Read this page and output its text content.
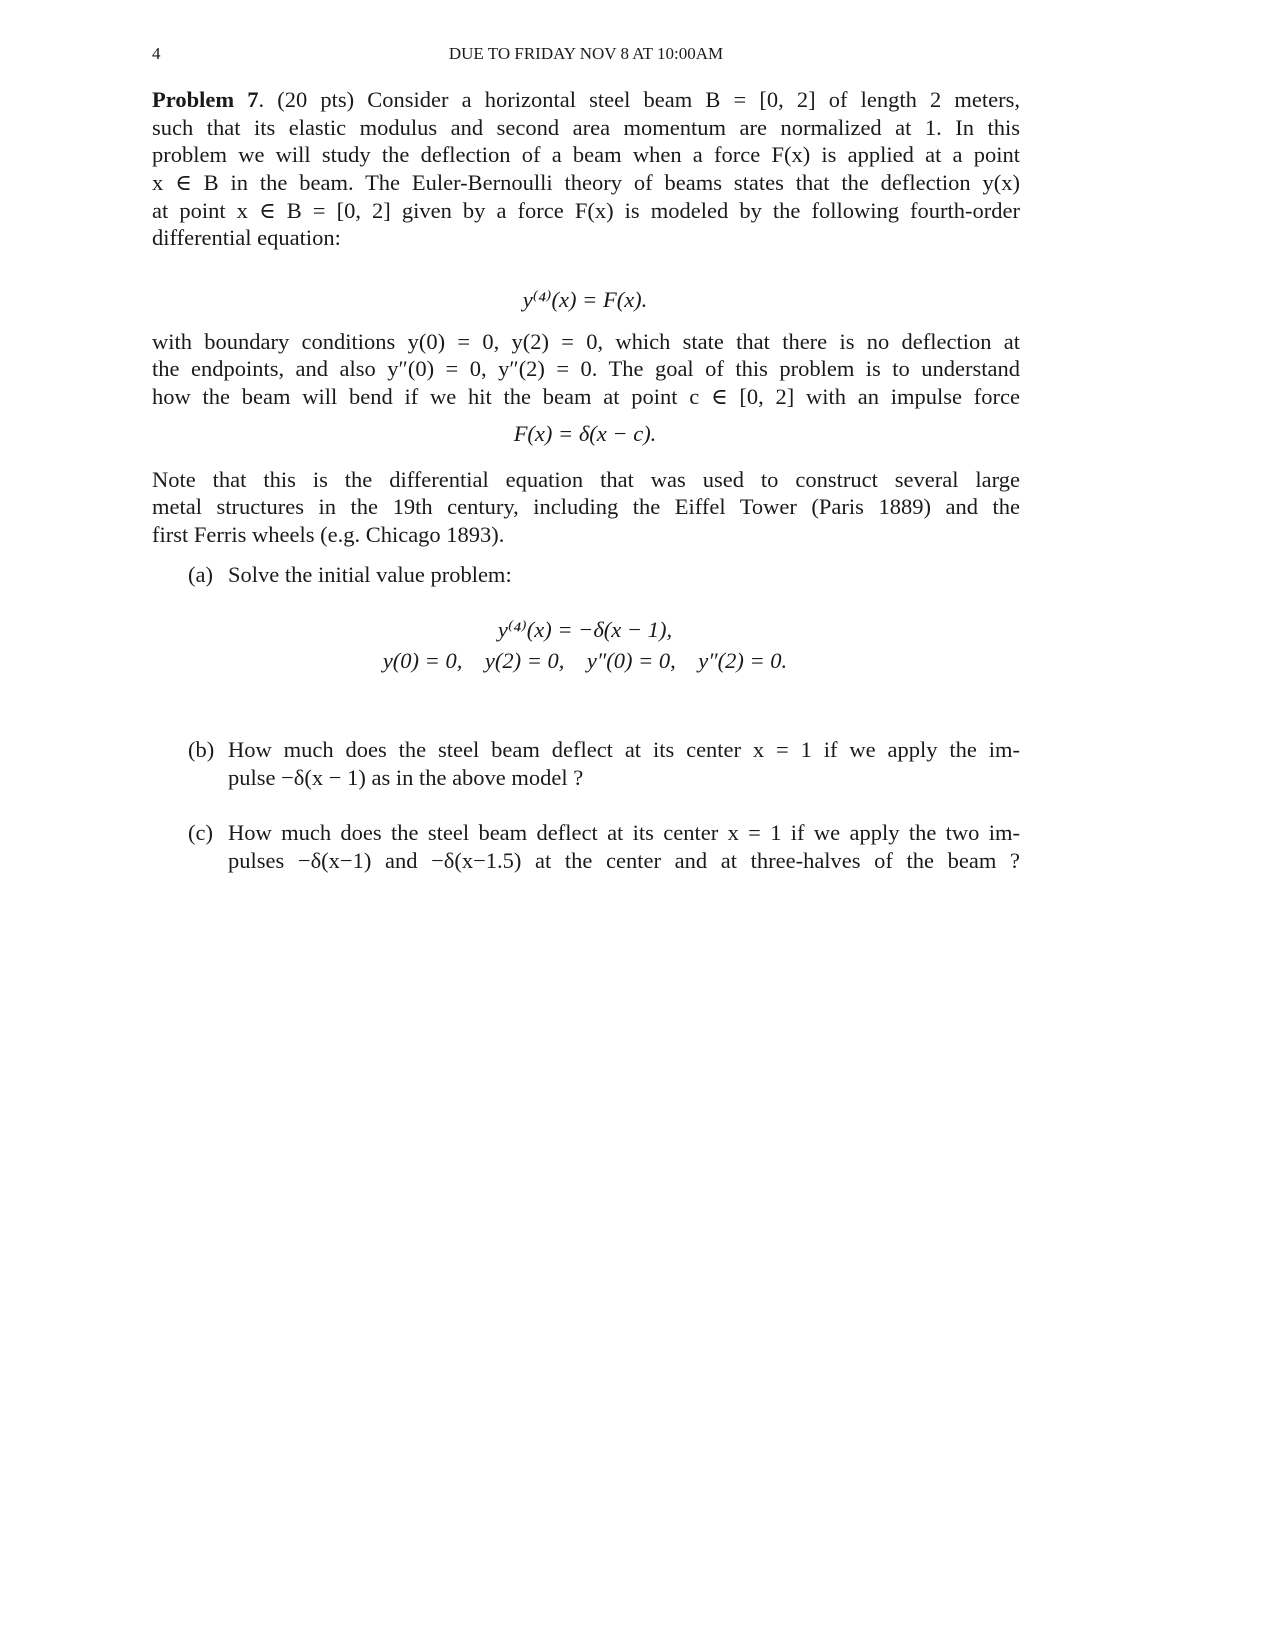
4	DUE TO FRIDAY NOV 8 AT 10:00AM
Problem 7. (20 pts) Consider a horizontal steel beam B = [0, 2] of length 2 meters,
such that its elastic modulus and second area momentum are normalized at 1. In this
problem we will study the deflection of a beam when a force F(x) is applied at a point
x ∈ B in the beam. The Euler-Bernoulli theory of beams states that the deflection y(x)
at point x ∈ B = [0, 2] given by a force F(x) is modeled by the following fourth-order
differential equation:
y⁽⁴⁾(x) = F(x).
with boundary conditions y(0) = 0, y(2) = 0, which state that there is no deflection at
the endpoints, and also y″(0) = 0, y″(2) = 0. The goal of this problem is to understand
how the beam will bend if we hit the beam at point c ∈ [0, 2] with an impulse force
F(x) = δ(x − c).
Note that this is the differential equation that was used to construct several large
metal structures in the 19th century, including the Eiffel Tower (Paris 1889) and the
first Ferris wheels (e.g. Chicago 1893).
(a) Solve the initial value problem:
y⁽⁴⁾(x) = −δ(x − 1),
y(0) = 0,    y(2) = 0,    y″(0) = 0,    y″(2) = 0.
(b) How much does the steel beam deflect at its center x = 1 if we apply the im-
pulse −δ(x − 1) as in the above model ?
(c) How much does the steel beam deflect at its center x = 1 if we apply the two im-
pulses −δ(x−1) and −δ(x−1.5) at the center and at three-halves of the beam ?
